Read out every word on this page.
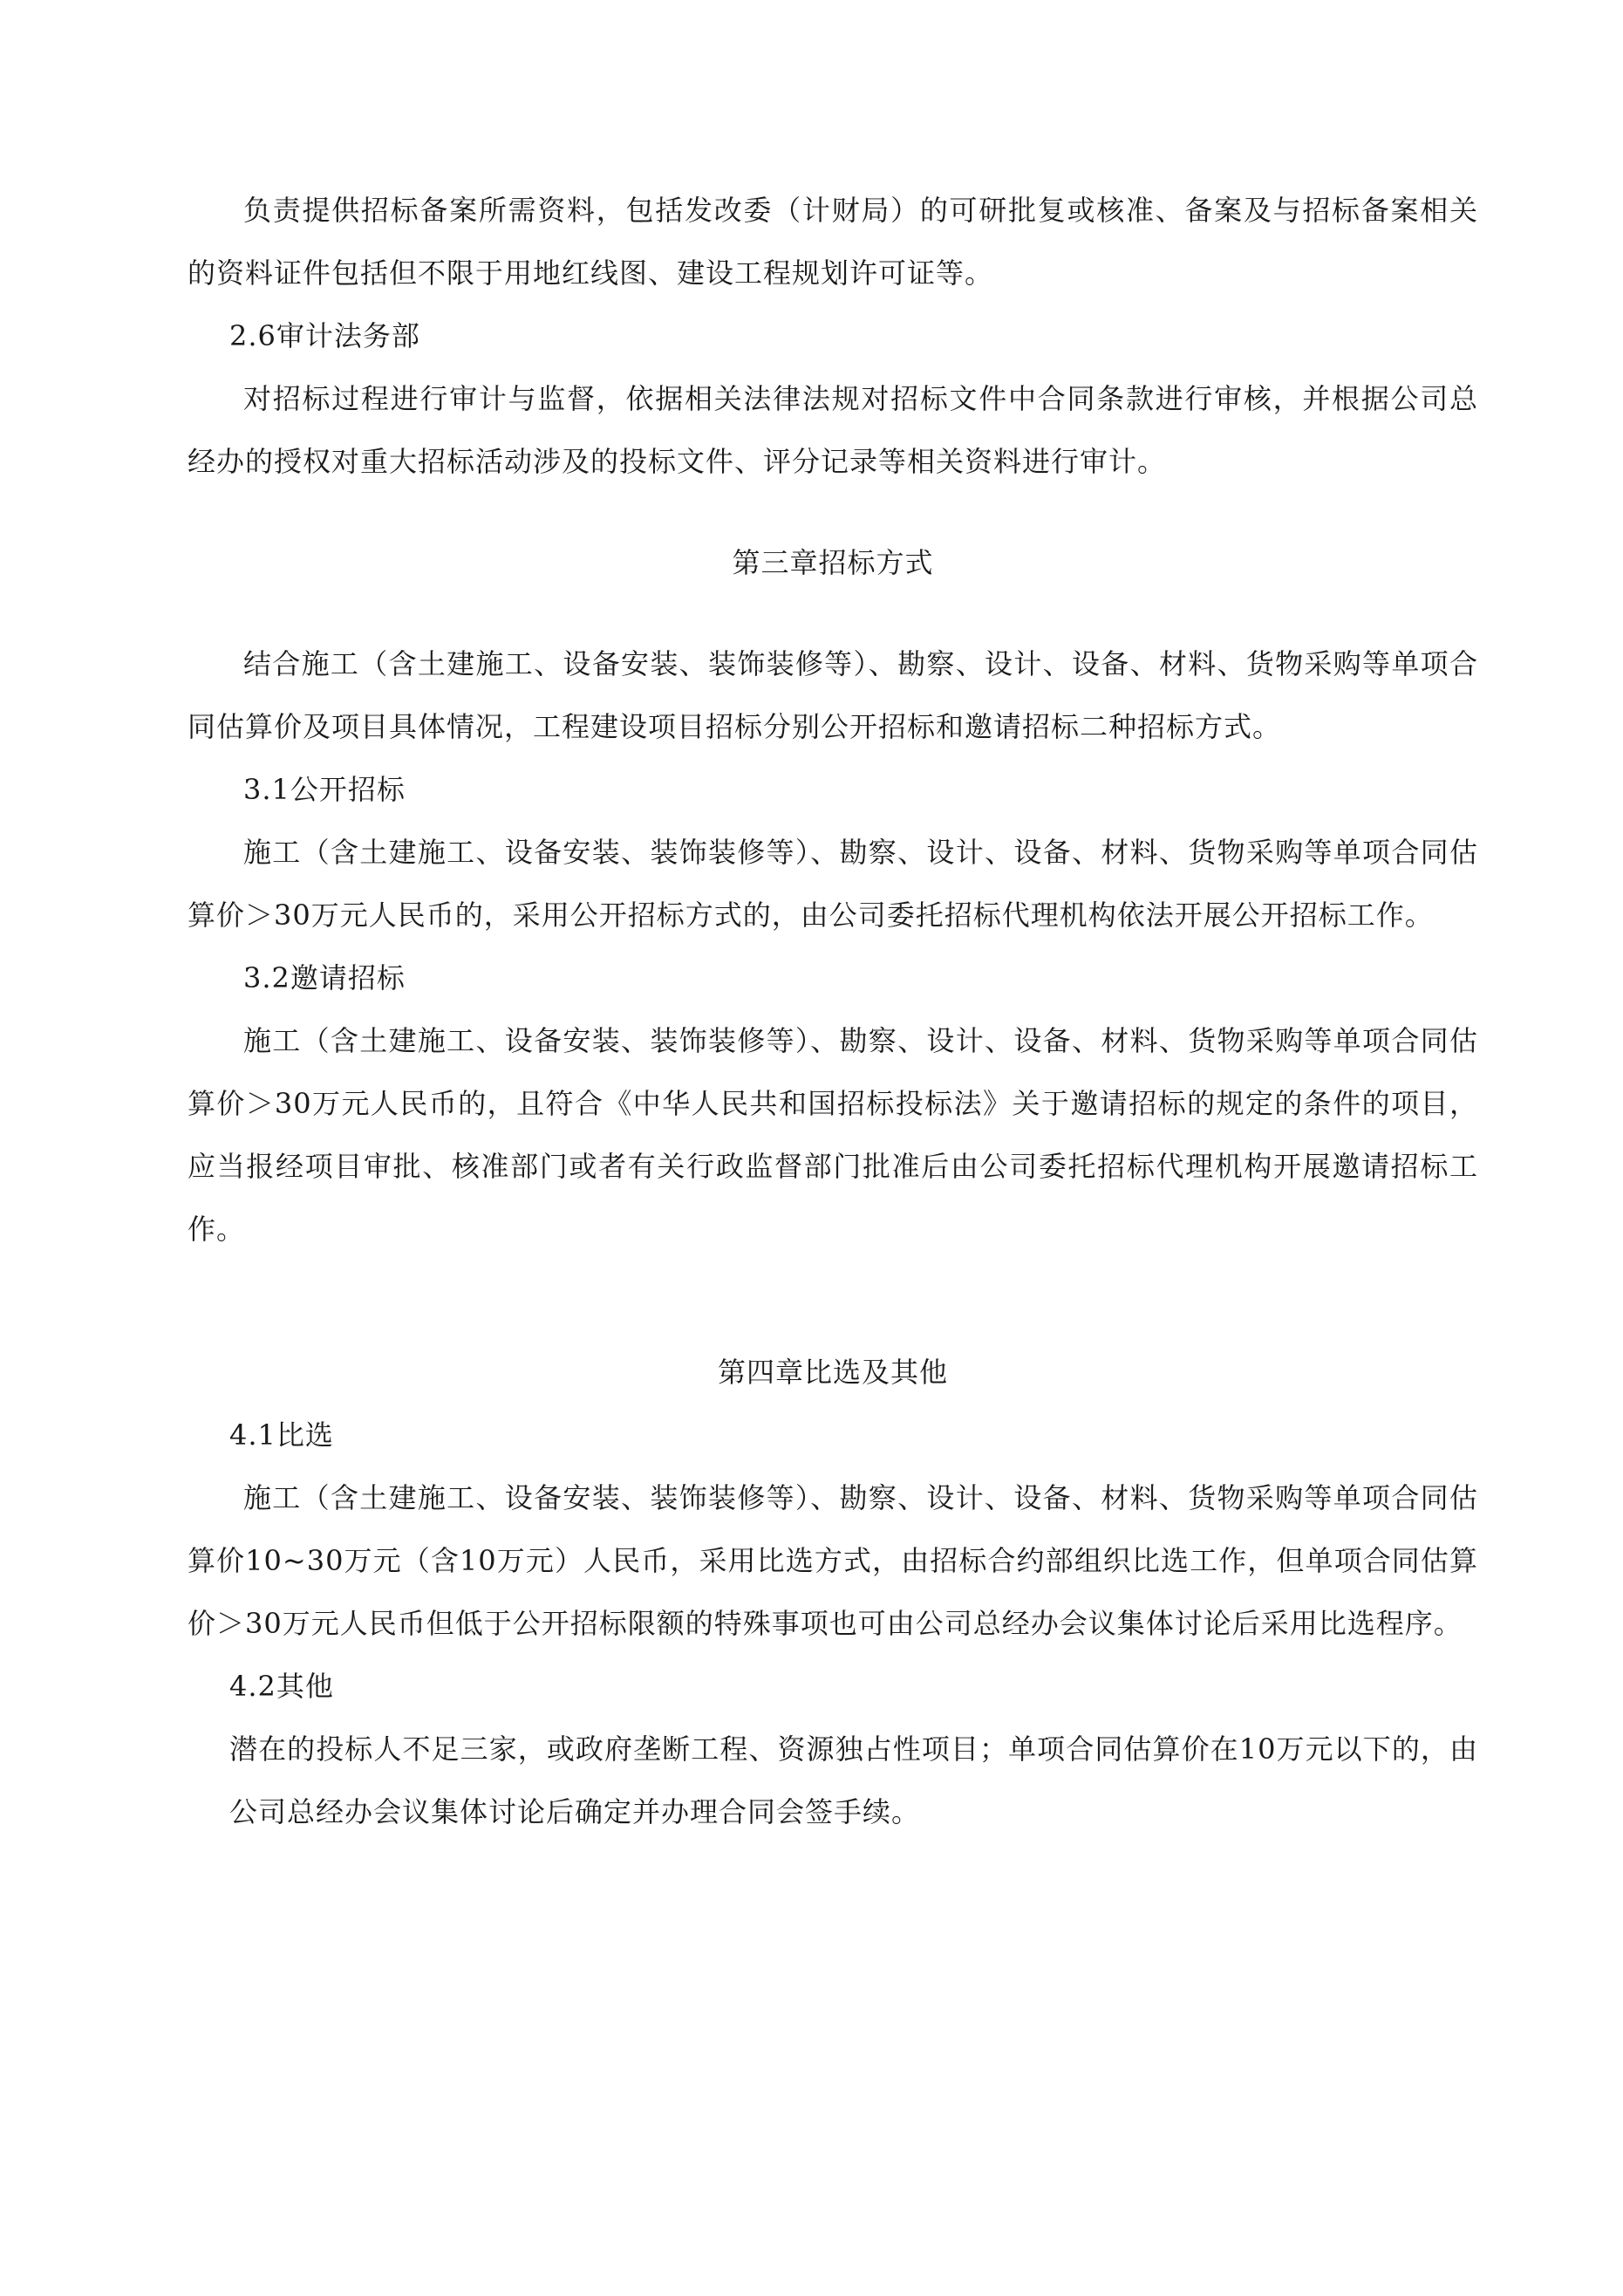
负责提供招标备案所需资料，包括发改委（计财局）的可研批复或核准、备案及与招标备案相关的资料证件包括但不限于用地红线图、建设工程规划许可证等。

2.6审计法务部

对招标过程进行审计与监督，依据相关法律法规对招标文件中合同条款进行审核，并根据公司总经办的授权对重大招标活动涉及的投标文件、评分记录等相关资料进行审计。

第三章招标方式

结合施工（含土建施工、设备安装、装饰装修等）、勘察、设计、设备、材料、货物采购等单项合同估算价及项目具体情况，工程建设项目招标分别公开招标和邀请招标二种招标方式。

3.1公开招标

施工（含土建施工、设备安装、装饰装修等）、勘察、设计、设备、材料、货物采购等单项合同估算价＞30万元人民币的，采用公开招标方式的，由公司委托招标代理机构依法开展公开招标工作。

3.2邀请招标

施工（含土建施工、设备安装、装饰装修等）、勘察、设计、设备、材料、货物采购等单项合同估算价＞30万元人民币的，且符合《中华人民共和国招标投标法》关于邀请招标的规定的条件的项目，应当报经项目审批、核准部门或者有关行政监督部门批准后由公司委托招标代理机构开展邀请招标工作。

第四章比选及其他

4.1比选

施工（含土建施工、设备安装、装饰装修等）、勘察、设计、设备、材料、货物采购等单项合同估算价10~30万元（含10万元）人民币，采用比选方式，由招标合约部组织比选工作，但单项合同估算价＞30万元人民币但低于公开招标限额的特殊事项也可由公司总经办会议集体讨论后采用比选程序。

4.2其他

潜在的投标人不足三家，或政府垄断工程、资源独占性项目；单项合同估算价在10万元以下的，由公司总经办会议集体讨论后确定并办理合同会签手续。
